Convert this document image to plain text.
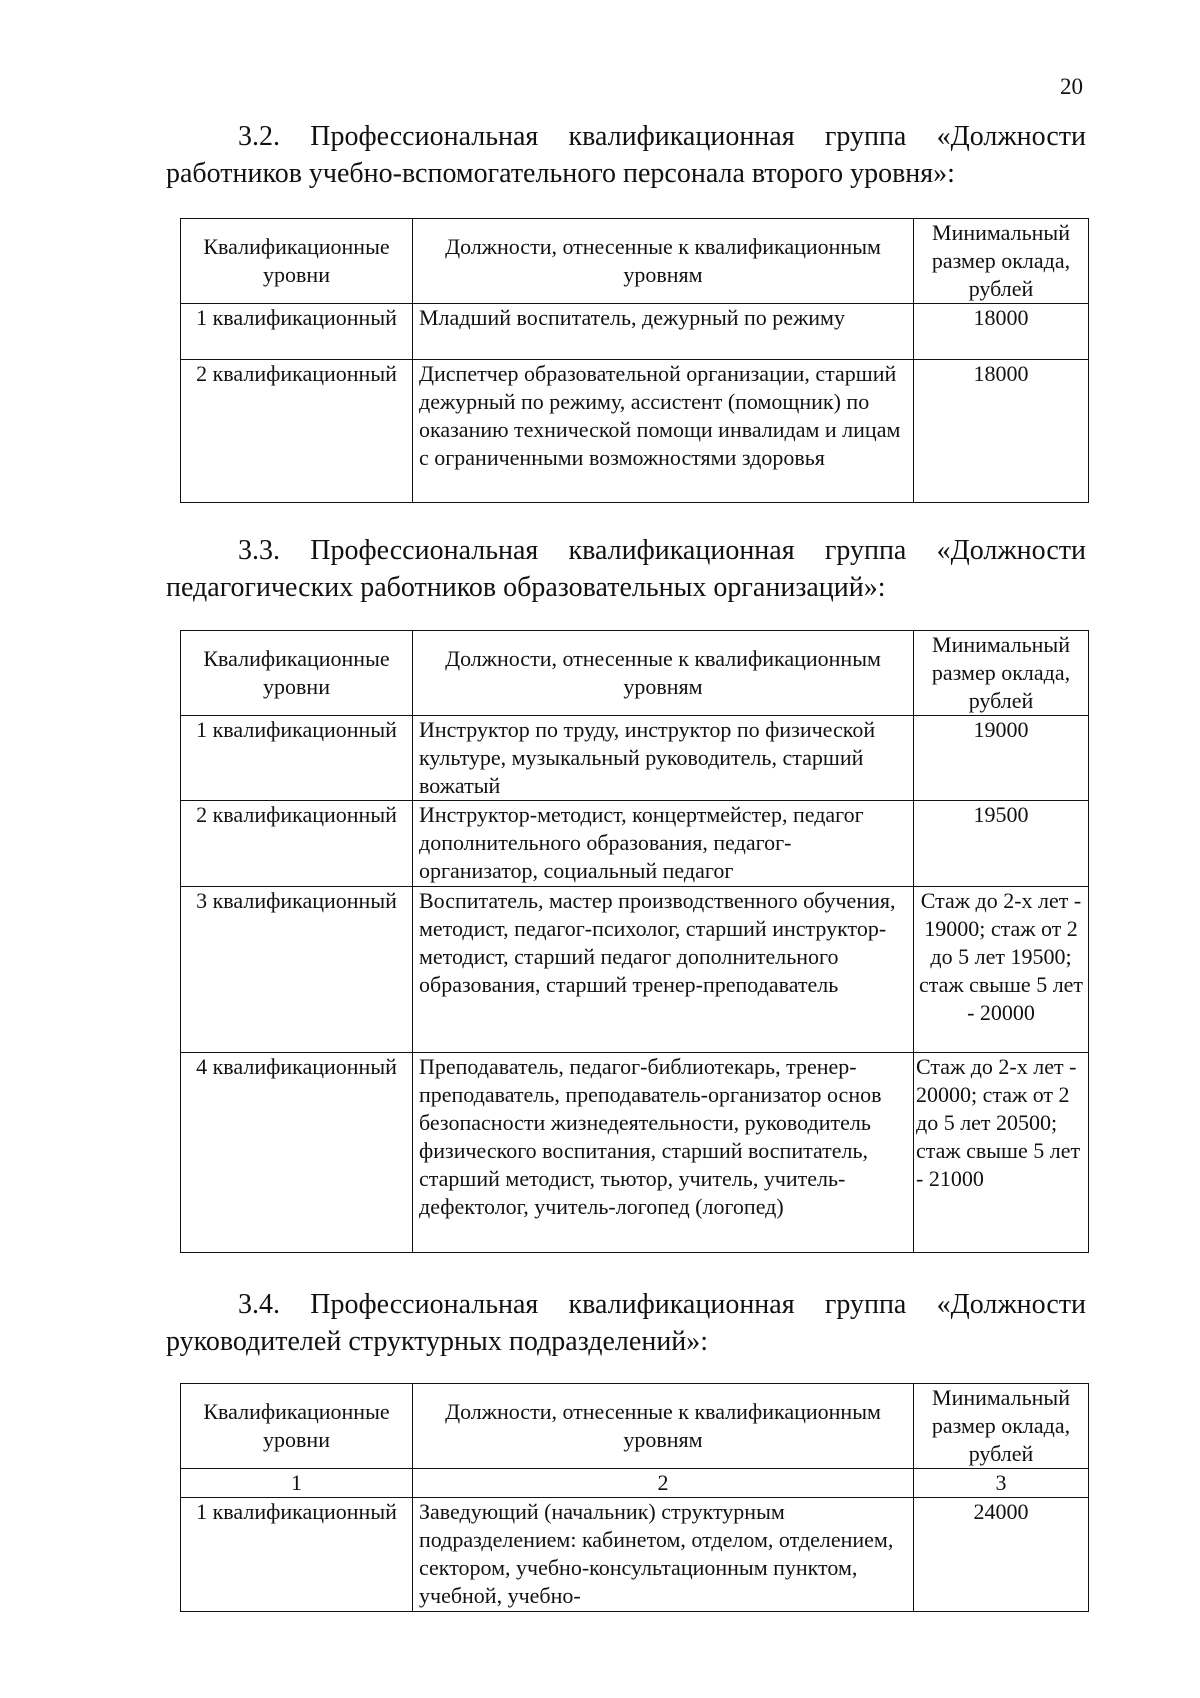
20
3.2. Профессиональная квалификационная группа «Должности
работников учебно-вспомогательного персонала второго уровня»:
Квалификационные уровни	Должности, отнесенные к квалификационным уровням	Минимальный размер оклада, рублей
1 квалификационный	Младший воспитатель, дежурный по режиму	18000
2 квалификационный	Диспетчер образовательной организации, старший дежурный по режиму, ассистент (помощник) по оказанию технической помощи инвалидам и лицам с ограниченными возможностями здоровья	18000
3.3. Профессиональная квалификационная группа «Должности
педагогических работников образовательных организаций»:
Квалификационные уровни	Должности, отнесенные к квалификационным уровням	Минимальный размер оклада, рублей
1 квалификационный	Инструктор по труду, инструктор по физической культуре, музыкальный руководитель, старший вожатый	19000
2 квалификационный	Инструктор-методист, концертмейстер, педагог дополнительного образования, педагог-организатор, социальный педагог	19500
3 квалификационный	Воспитатель, мастер производственного обучения, методист, педагог-психолог, старший инструктор-методист, старший педагог дополнительного образования, старший тренер-преподаватель	Стаж до 2-х лет - 19000; стаж от 2 до 5 лет 19500; стаж свыше 5 лет - 20000
4 квалификационный	Преподаватель, педагог-библиотекарь, тренер-преподаватель, преподаватель-организатор основ безопасности жизнедеятельности, руководитель физического воспитания, старший воспитатель, старший методист, тьютор, учитель, учитель-дефектолог, учитель-логопед (логопед)	Стаж до 2-х лет - 20000; стаж от 2 до 5 лет 20500; стаж свыше 5 лет - 21000
3.4. Профессиональная квалификационная группа «Должности
руководителей структурных подразделений»:
Квалификационные уровни	Должности, отнесенные к квалификационным уровням	Минимальный размер оклада, рублей
1	2	3
1 квалификационный	Заведующий (начальник) структурным подразделением: кабинетом, отделом, отделением, сектором, учебно-консультационным пунктом, учебной, учебно-	24000
